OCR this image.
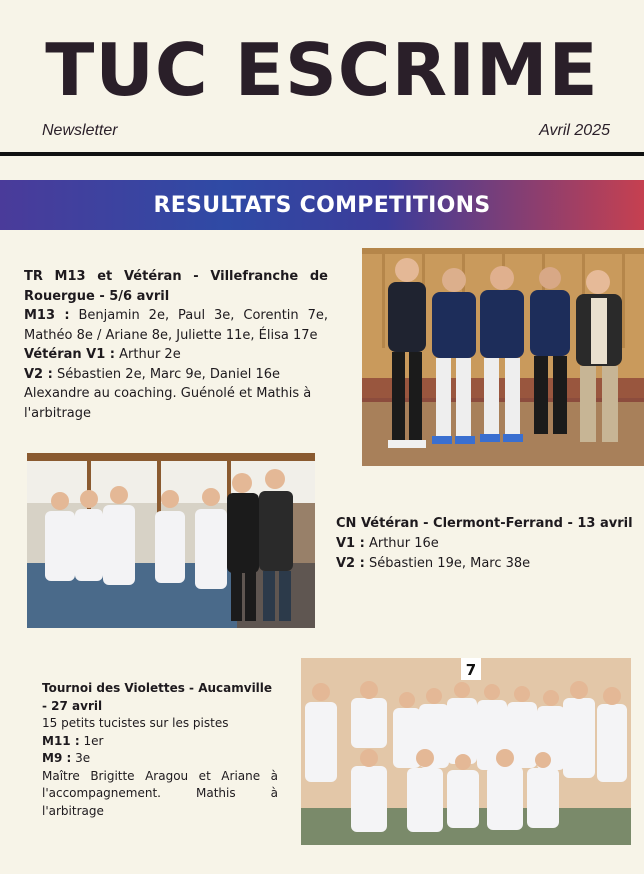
TUC ESCRIME
Newsletter	Avril 2025
RESULTATS COMPETITIONS

TR M13 et Vétéran - Villefranche de Rouergue - 5/6 avril

M13 : Benjamin 2e, Paul 3e, Corentin 7e, Mathéo 8e / Ariane 8e, Juliette 11e, Élisa 17e

Vétéran V1 : Arthur 2e

V2 : Sébastien 2e, Marc 9e, Daniel 16e

Alexandre au coaching. Guénolé et Mathis à l'arbitrage

CN Vétéran - Clermont-Ferrand - 13 avril

V1 : Arthur 16e

V2 : Sébastien 19e, Marc 38e

Tournoi des Violettes - Aucamville - 27 avril

15 petits tucistes sur les pistes

M11 : 1er

M9 : 3e

Maître Brigitte Aragou et Ariane à l'accompagnement. Mathis à l'arbitrage

7
